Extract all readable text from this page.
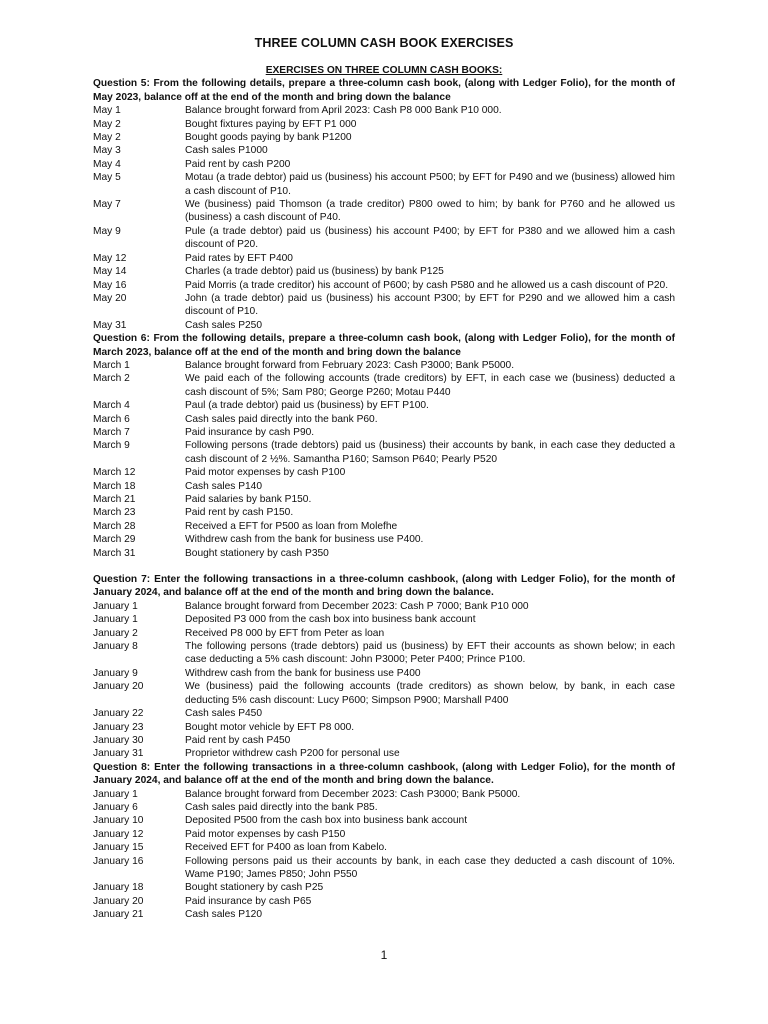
THREE COLUMN CASH BOOK EXERCISES

EXERCISES ON THREE COLUMN CASH BOOKS:

Question 5: From the following details, prepare a three-column cash book, (along with Ledger Folio), for the month of May 2023, balance off at the end of the month and bring down the balance

May 1	Balance brought forward from April 2023: Cash P8 000 Bank P10 000.
May 2	Bought fixtures paying by EFT P1 000
May 2	Bought goods paying by bank P1200
May 3	Cash sales P1000
May 4	Paid rent by cash P200
May 5	Motau (a trade debtor) paid us (business) his account P500; by EFT for P490 and we (business) allowed him a cash discount of P10.
May 7	We (business) paid Thomson (a trade creditor) P800 owed to him; by bank for P760 and he allowed us (business) a cash discount of P40.
May 9	Pule (a trade debtor) paid us (business) his account P400; by EFT for P380 and we allowed him a cash discount of P20.
May 12	Paid rates by EFT P400
May 14	Charles (a trade debtor) paid us (business) by bank P125
May 16	Paid Morris (a trade creditor) his account of P600; by cash P580 and he allowed us a cash discount of P20.
May 20	John (a trade debtor) paid us (business) his account P300; by EFT for P290 and we allowed him a cash discount of P10.
May 31	Cash sales P250

Question 6: From the following details, prepare a three-column cash book, (along with Ledger Folio), for the month of March 2023, balance off at the end of the month and bring down the balance

March 1	Balance brought forward from February 2023: Cash P3000; Bank P5000.
March 2	We paid each of the following accounts (trade creditors) by EFT, in each case we (business) deducted a cash discount of 5%; Sam P80; George P260; Motau P440
March 4	Paul (a trade debtor) paid us (business) by EFT P100.
March 6	Cash sales paid directly into the bank P60.
March 7	Paid insurance by cash P90.
March 9	Following persons (trade debtors) paid us (business) their accounts by bank, in each case they deducted a cash discount of 2 ½%. Samantha P160; Samson P640; Pearly P520
March 12	Paid motor expenses by cash P100
March 18	Cash sales P140
March 21	Paid salaries by bank P150.
March 23	Paid rent by cash P150.
March 28	Received a EFT for P500 as loan from Molefhe
March 29	Withdrew cash from the bank for business use P400.
March 31	Bought stationery by cash P350

Question 7: Enter the following transactions in a three-column cashbook, (along with Ledger Folio), for the month of January 2024, and balance off at the end of the month and bring down the balance.

January 1	Balance brought forward from December 2023: Cash P 7000; Bank P10 000
January 1	Deposited P3 000 from the cash box into business bank account
January 2	Received P8 000 by EFT from Peter as loan
January 8	The following persons (trade debtors) paid us (business) by EFT their accounts as shown below; in each case deducting a 5% cash discount: John P3000; Peter P400; Prince P100.
January 9	Withdrew cash from the bank for business use P400
January 20	We (business) paid the following accounts (trade creditors) as shown below, by bank, in each case deducting 5% cash discount: Lucy P600; Simpson P900; Marshall P400
January 22	Cash sales P450
January 23	Bought motor vehicle by EFT P8 000.
January 30	Paid rent by cash P450
January 31	Proprietor withdrew cash P200 for personal use

Question 8: Enter the following transactions in a three-column cashbook, (along with Ledger Folio), for the month of January 2024, and balance off at the end of the month and bring down the balance.

January 1	Balance brought forward from December 2023: Cash P3000; Bank P5000.
January 6	Cash sales paid directly into the bank P85.
January 10	Deposited P500 from the cash box into business bank account
January 12	Paid motor expenses by cash P150
January 15	Received EFT for P400 as loan from Kabelo.
January 16	Following persons paid us their accounts by bank, in each case they deducted a cash discount of 10%. Wame P190; James P850; John P550
January 18	Bought stationery by cash P25
January 20	Paid insurance by cash P65
January 21	Cash sales P120
1
